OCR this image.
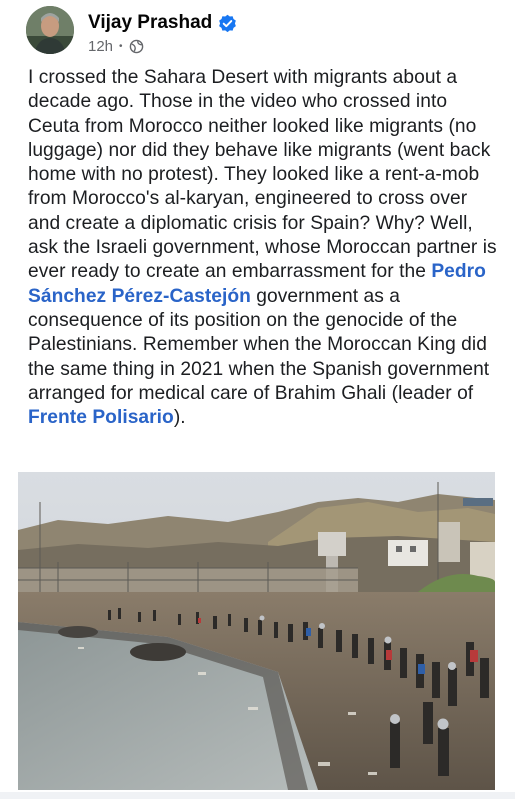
Vijay Prashad
12h •
I crossed the Sahara Desert with migrants about a decade ago. Those in the video who crossed into Ceuta from Morocco neither looked like migrants (no luggage) nor did they behave like migrants (went back home with no protest). They looked like a rent-a-mob from Morocco's al-karyan, engineered to cross over and create a diplomatic crisis for Spain? Why? Well, ask the Israeli government, whose Moroccan partner is ever ready to create an embarrassment for the Pedro Sánchez Pérez-Castejón government as a consequence of its position on the genocide of the Palestinians. Remember when the Moroccan King did the same thing in 2021 when the Spanish government arranged for medical care of Brahim Ghali (leader of Frente Polisario).
